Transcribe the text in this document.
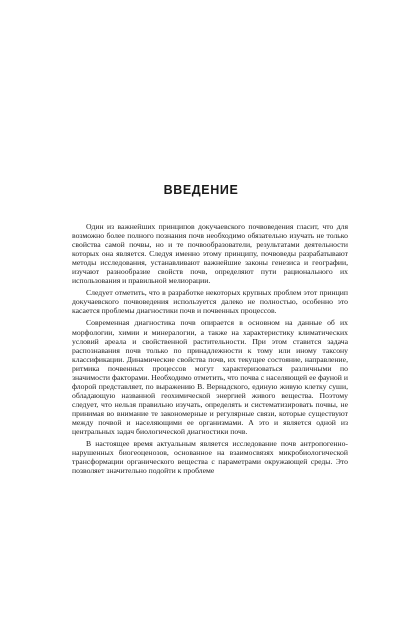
ВВЕДЕНИЕ

Один из важнейших принципов докучаевского почвоведения гласит, что для возможно более полного познания почв необходимо обязательно изучать не только свойства самой почвы, но и те почвообразователи, результатами деятельности которых она является. Следуя именно этому принципу, почвоведы разрабатывают методы исследования, устанавливают важнейшие законы генезиса и географии, изучают разнообразие свойств почв, определяют пути рационального их использования и правильной мелиорации.

Следует отметить, что в разработке некоторых крупных проблем этот принцип докучаевского почвоведения используется далеко не полностью, особенно это касается проблемы диагностики почв и почвенных процессов.

Современная диагностика почв опирается в основном на данные об их морфологии, химии и минералогии, а также на характеристику климатических условий ареала и свойственной растительности. При этом ставится задача распознавания почв только по принадлежности к тому или иному таксону классификации. Динамические свойства почв, их текущее состояние, направление, ритмика почвенных процессов могут характеризоваться различными по значимости факторами. Необходимо отметить, что почва с населяющей ее фауной и флорой представляет, по выражению В. Вернадского, единую живую клетку суши, обладающую названной геохимической энергией живого вещества. Поэтому следует, что нельзя правильно изучать, определять и систематизировать почвы, не принимая во внимание те закономерные и регулярные связи, которые существуют между почвой и населяющими ее организмами. А это и является одной из центральных задач биологической диагностики почв.

В настоящее время актуальным является исследование почв антропогенно-нарушенных биогеоценозов, основанное на взаимосвязях микробиологической трансформации органического вещества с параметрами окружающей среды. Это позволяет значительно подойти к проблеме
